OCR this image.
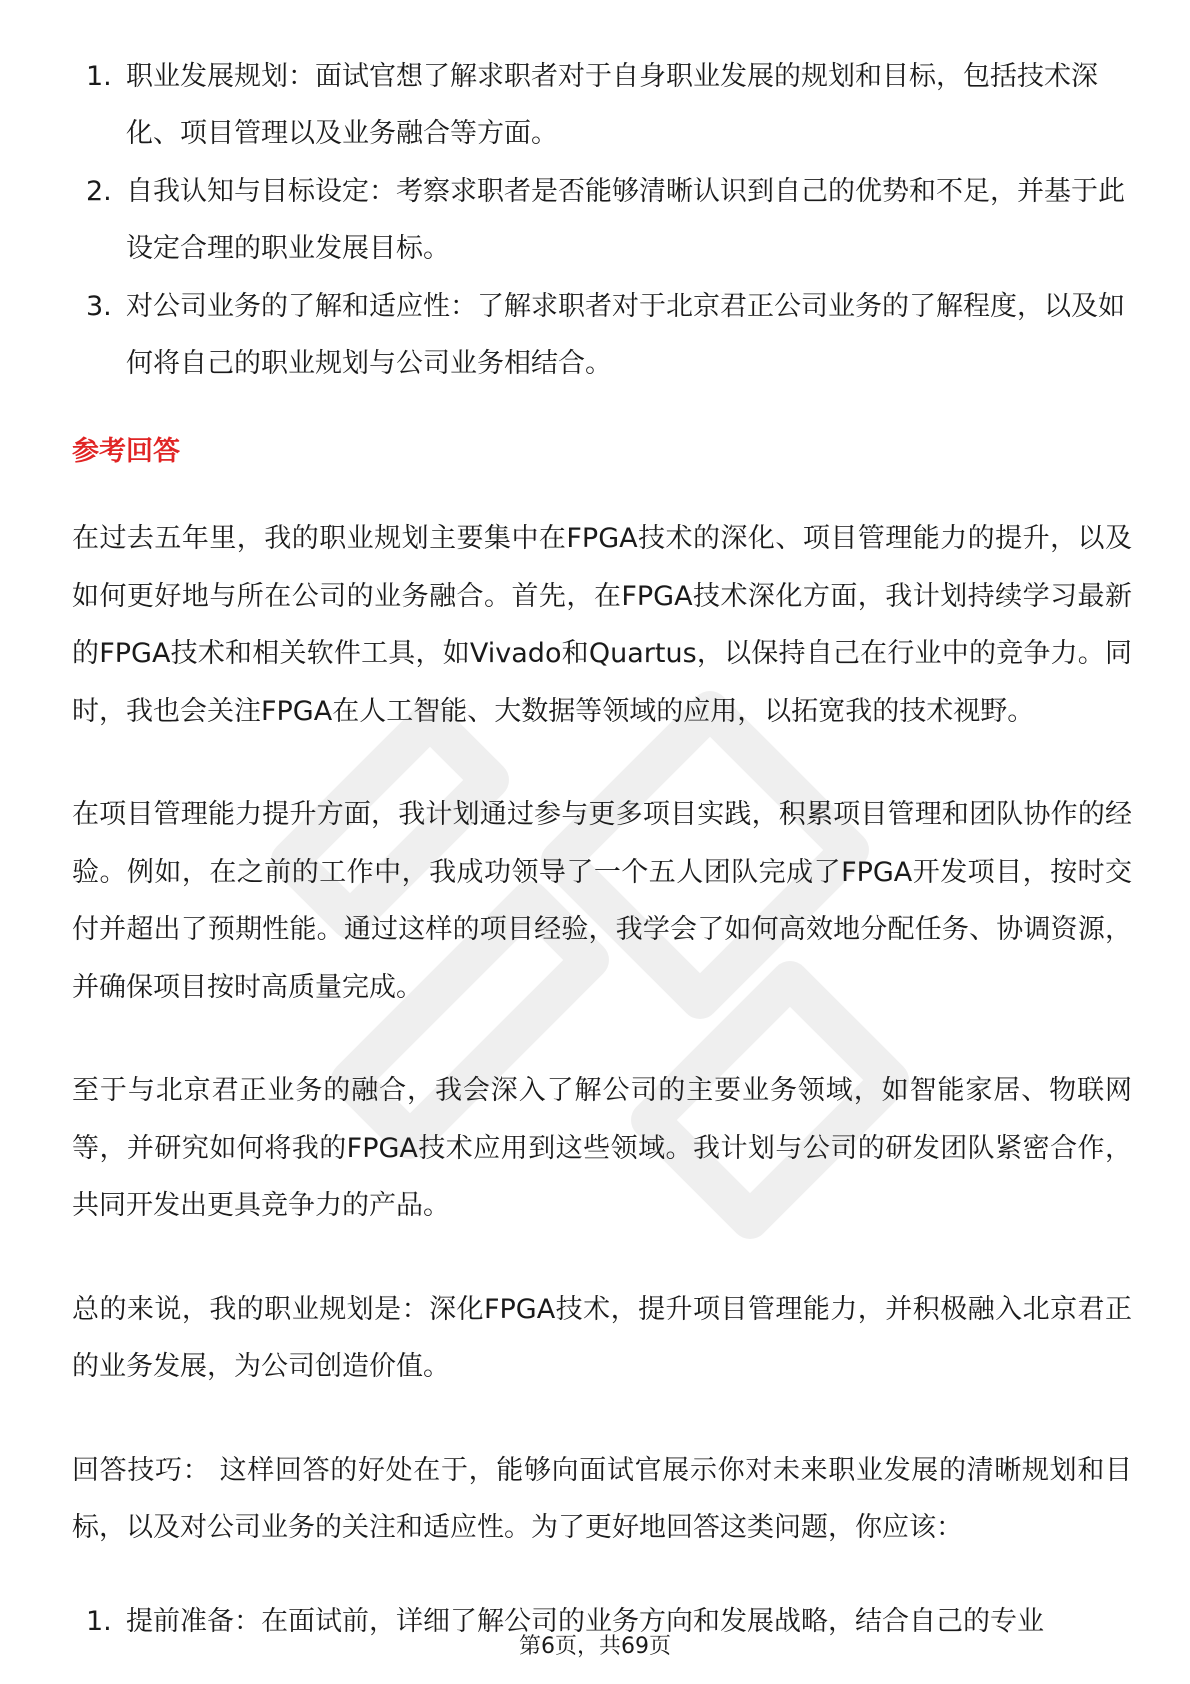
1. 职业发展规划：面试官想了解求职者对于自身职业发展的规划和目标，包括技术深化、项目管理以及业务融合等方面。
2. 自我认知与目标设定：考察求职者是否能够清晰认识到自己的优势和不足，并基于此设定合理的职业发展目标。
3. 对公司业务的了解和适应性：了解求职者对于北京君正公司业务的了解程度，以及如何将自己的职业规划与公司业务相结合。
参考回答

在过去五年里，我的职业规划主要集中在FPGA技术的深化、项目管理能力的提升，以及如何更好地与所在公司的业务融合。首先，在FPGA技术深化方面，我计划持续学习最新的FPGA技术和相关软件工具，如Vivado和Quartus，以保持自己在行业中的竞争力。同时，我也会关注FPGA在人工智能、大数据等领域的应用，以拓宽我的技术视野。

在项目管理能力提升方面，我计划通过参与更多项目实践，积累项目管理和团队协作的经验。例如，在之前的工作中，我成功领导了一个五人团队完成了FPGA开发项目，按时交付并超出了预期性能。通过这样的项目经验，我学会了如何高效地分配任务、协调资源，并确保项目按时高质量完成。

至于与北京君正业务的融合，我会深入了解公司的主要业务领域，如智能家居、物联网等，并研究如何将我的FPGA技术应用到这些领域。我计划与公司的研发团队紧密合作，共同开发出更具竞争力的产品。

总的来说，我的职业规划是：深化FPGA技术，提升项目管理能力，并积极融入北京君正的业务发展，为公司创造价值。

回答技巧： 这样回答的好处在于，能够向面试官展示你对未来职业发展的清晰规划和目标，以及对公司业务的关注和适应性。为了更好地回答这类问题，你应该：

1. 提前准备：在面试前，详细了解公司的业务方向和发展战略，结合自己的专业
第6页，共69页
